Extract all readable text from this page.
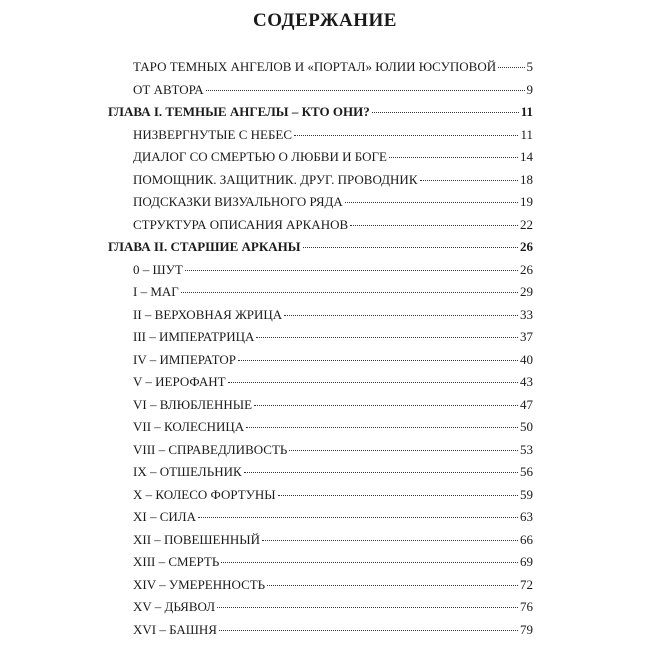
СОДЕРЖАНИЕ
ТАРО ТЕМНЫХ АНГЕЛОВ И «ПОРТАЛ» ЮЛИИ ЮСУПОВОЙ 5
ОТ АВТОРА	9
ГЛАВА I. ТЕМНЫЕ АНГЕЛЫ – КТО ОНИ?	11
НИЗВЕРГНУТЫЕ С НЕБЕС	11
ДИАЛОГ СО СМЕРТЬЮ О ЛЮБВИ И БОГЕ	14
ПОМОЩНИК. ЗАЩИТНИК. ДРУГ. ПРОВОДНИК	18
ПОДСКАЗКИ ВИЗУАЛЬНОГО РЯДА	19
СТРУКТУРА ОПИСАНИЯ АРКАНОВ	22
ГЛАВА II. СТАРШИЕ АРКАНЫ	26
0 – ШУТ	26
I – МАГ	29
II – ВЕРХОВНАЯ ЖРИЦА	33
III – ИМПЕРАТРИЦА	37
IV – ИМПЕРАТОР	40
V – ИЕРОФАНТ	43
VI – ВЛЮБЛЕННЫЕ	47
VII – КОЛЕСНИЦА	50
VIII – СПРАВЕДЛИВОСТЬ	53
IX – ОТШЕЛЬНИК	56
X – КОЛЕСО ФОРТУНЫ	59
XI – СИЛА	63
XII – ПОВЕШЕННЫЙ	66
XIII – СМЕРТЬ	69
XIV – УМЕРЕННОСТЬ	72
XV – ДЬЯВОЛ	76
XVI – БАШНЯ	79
